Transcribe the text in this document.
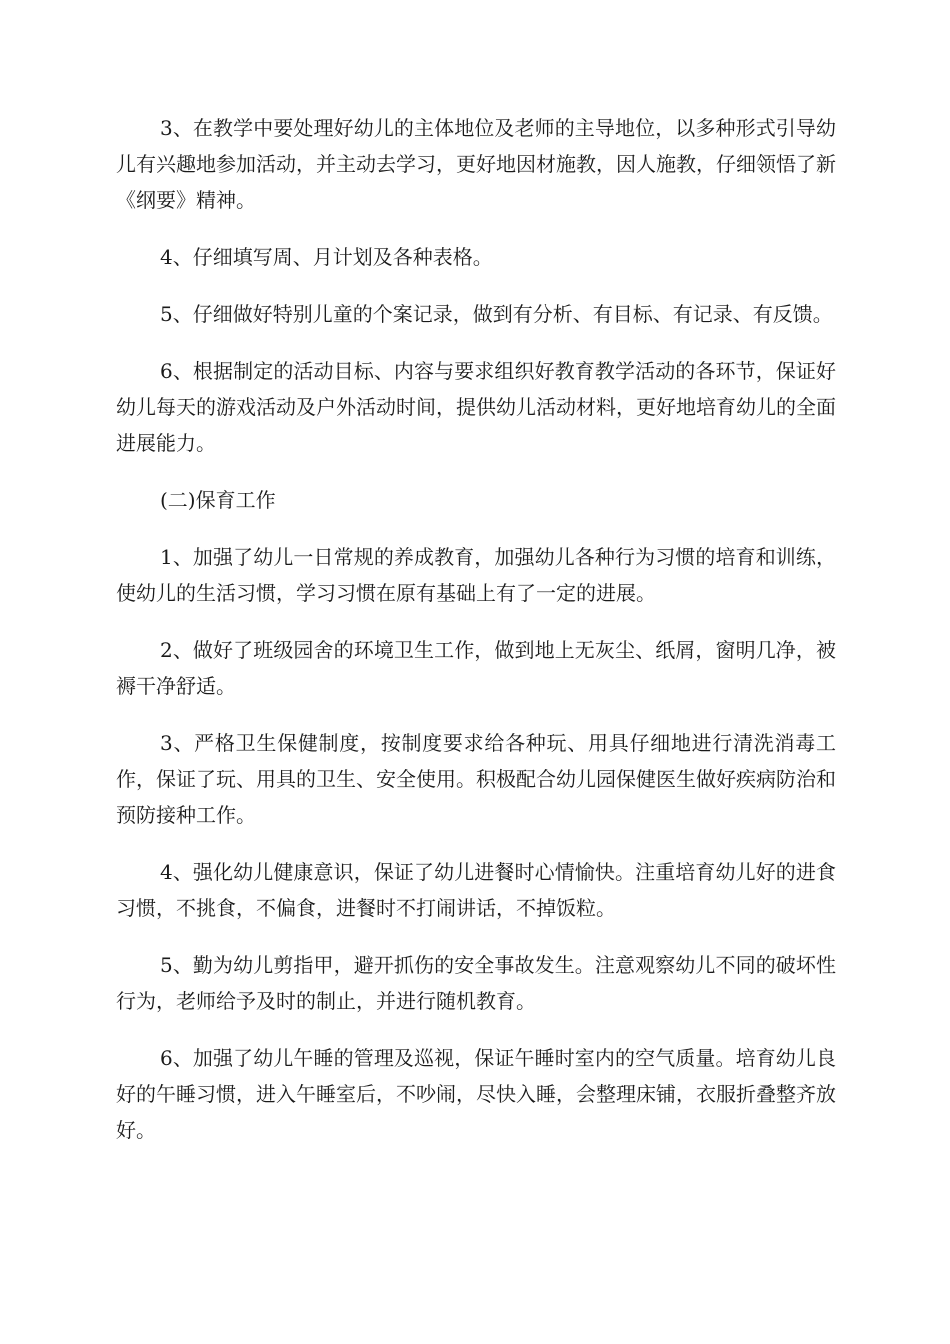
3、在教学中要处理好幼儿的主体地位及老师的主导地位，以多种形式引导幼儿有兴趣地参加活动，并主动去学习，更好地因材施教，因人施教，仔细领悟了新《纲要》精神。

4、仔细填写周、月计划及各种表格。

5、仔细做好特别儿童的个案记录，做到有分析、有目标、有记录、有反馈。

6、根据制定的活动目标、内容与要求组织好教育教学活动的各环节，保证好幼儿每天的游戏活动及户外活动时间，提供幼儿活动材料，更好地培育幼儿的全面进展能力。

(二)保育工作

1、加强了幼儿一日常规的养成教育，加强幼儿各种行为习惯的培育和训练，使幼儿的生活习惯，学习习惯在原有基础上有了一定的进展。

2、做好了班级园舍的环境卫生工作，做到地上无灰尘、纸屑，窗明几净，被褥干净舒适。

3、严格卫生保健制度，按制度要求给各种玩、用具仔细地进行清洗消毒工作，保证了玩、用具的卫生、安全使用。积极配合幼儿园保健医生做好疾病防治和预防接种工作。

4、强化幼儿健康意识，保证了幼儿进餐时心情愉快。注重培育幼儿好的进食习惯，不挑食，不偏食，进餐时不打闹讲话，不掉饭粒。

5、勤为幼儿剪指甲，避开抓伤的安全事故发生。注意观察幼儿不同的破坏性行为，老师给予及时的制止，并进行随机教育。

6、加强了幼儿午睡的管理及巡视，保证午睡时室内的空气质量。培育幼儿良好的午睡习惯，进入午睡室后，不吵闹，尽快入睡，会整理床铺，衣服折叠整齐放好。
